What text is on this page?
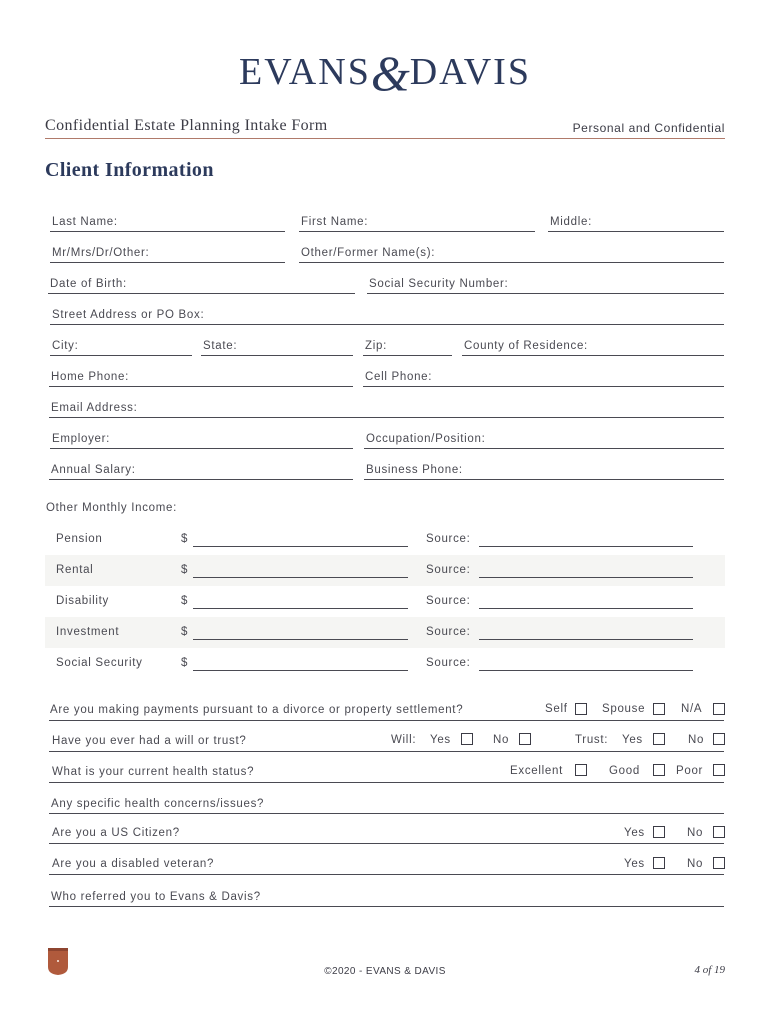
EVANS&DAVIS
Confidential Estate Planning Intake Form	Personal and Confidential
Client Information
Last Name:	First Name:	Middle:
Mr/Mrs/Dr/Other:	Other/Former Name(s):
Date of Birth:	Social Security Number:
Street Address or PO Box:
City:	State:	Zip:	County of Residence:
Home Phone:	Cell Phone:
Email Address:
Employer:	Occupation/Position:
Annual Salary:	Business Phone:
Other Monthly Income:
Pension	$	Source:
Rental	$	Source:
Disability	$	Source:
Investment	$	Source:
Social Security	$	Source:
Are you making payments pursuant to a divorce or property settlement?	Self	Spouse	N/A
Have you ever had a will or trust?	Will: Yes	No	Trust: Yes	No
What is your current health status?	Excellent	Good	Poor
Any specific health concerns/issues?
Are you a US Citizen?	Yes	No
Are you a disabled veteran?	Yes	No
Who referred you to Evans & Davis?
©2020 - EVANS & DAVIS	4 of 19
